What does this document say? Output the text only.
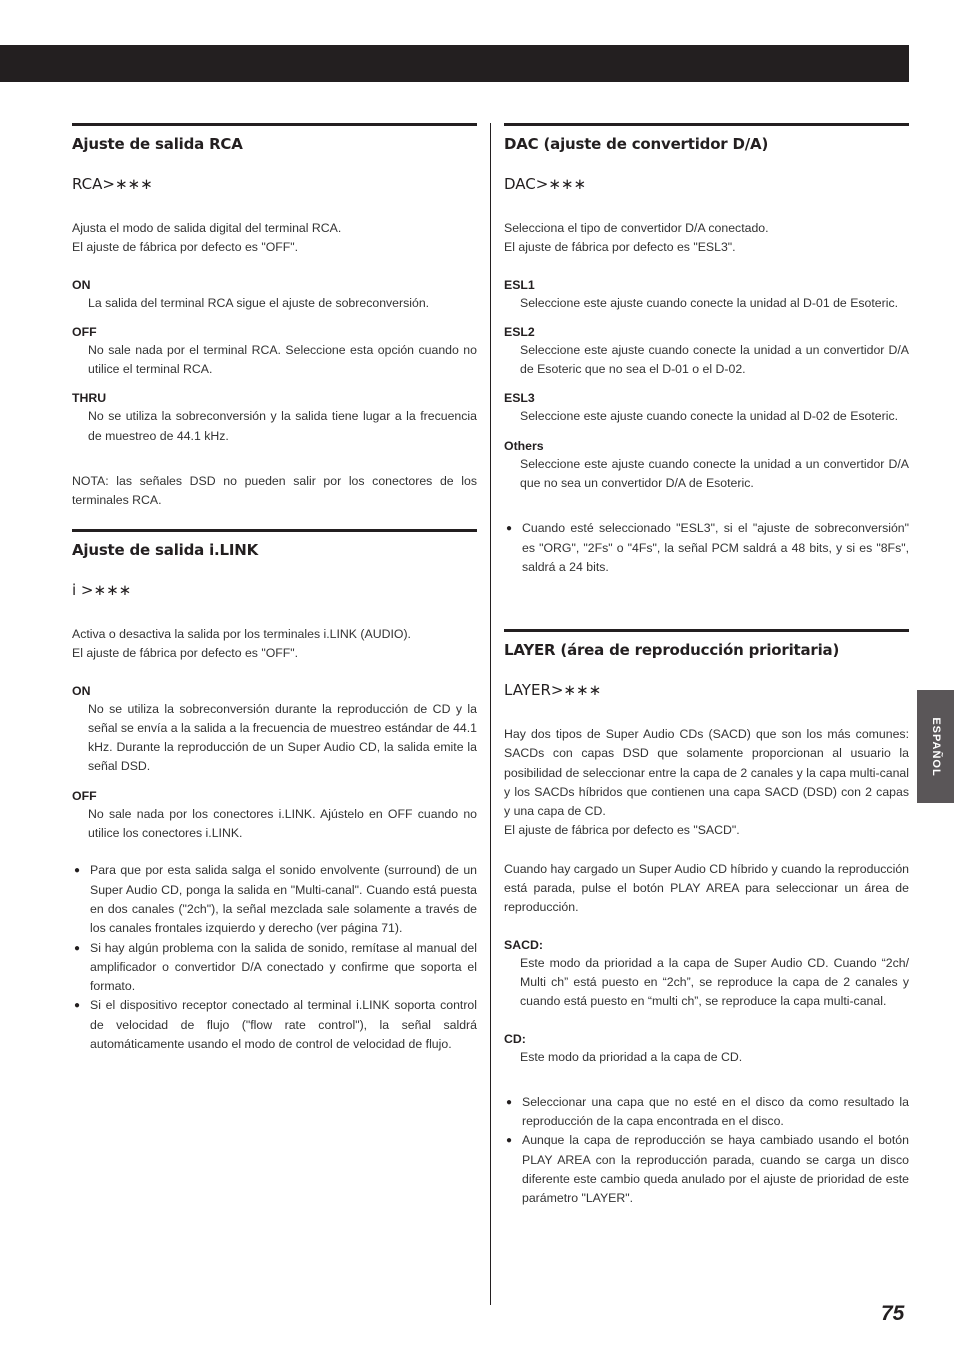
ESPAÑOL
Ajuste de salida RCA
RCA>∗∗∗

Ajusta el modo de salida digital del terminal RCA.

El ajuste de fábrica por defecto es "OFF".

ON
La salida del terminal RCA sigue el ajuste de sobreconversión.
OFF
No sale nada por el terminal RCA. Seleccione esta opción cuando no utilice el terminal RCA.
THRU
No se utiliza la sobreconversión y la salida tiene lugar a la frecuencia de muestreo de 44.1 kHz.

NOTA: las señales DSD no pueden salir por los conectores de los terminales RCA.

Ajuste de salida i.LINK
i >∗∗∗

Activa o desactiva la salida por los terminales i.LINK (AUDIO).

El ajuste de fábrica por defecto es "OFF".

ON
No se utiliza la sobreconversión durante la reproducción de CD y la señal se envía a la salida a la frecuencia de muestreo estándar de 44.1 kHz. Durante la reproducción de un Super Audio CD, la salida emite la señal DSD.
OFF
No sale nada por los conectores i.LINK. Ajústelo en OFF cuando no utilice los conectores i.LINK.
● Para que por esta salida salga el sonido envolvente (surround) de un Super Audio CD, ponga la salida en "Multi-canal". Cuando está puesta en dos canales ("2ch"), la señal mezclada sale solamente a través de los canales frontales izquierdo y derecho (ver página 71).
● Si hay algún problema con la salida de sonido, remítase al manual del amplificador o convertidor D/A conectado y confirme que soporta el formato.
● Si el dispositivo receptor conectado al terminal i.LINK soporta control de velocidad de flujo ("flow rate control"), la señal saldrá automáticamente usando el modo de control de velocidad de flujo.
DAC (ajuste de convertidor D/A)
DAC>∗∗∗

Selecciona el tipo de convertidor D/A conectado.

El ajuste de fábrica por defecto es "ESL3".

ESL1
Seleccione este ajuste cuando conecte la unidad al D-01 de Esoteric.
ESL2
Seleccione este ajuste cuando conecte la unidad a un convertidor D/A de Esoteric que no sea el D-01 o el D-02.
ESL3
Seleccione este ajuste cuando conecte la unidad al D-02 de Esoteric.
Others
Seleccione este ajuste cuando conecte la unidad a un convertidor D/A que no sea un convertidor D/A de Esoteric.
● Cuando esté seleccionado "ESL3", si el "ajuste de sobreconversión" es "ORG", "2Fs" o "4Fs", la señal PCM saldrá a 48 bits, y si es "8Fs", saldrá a 24 bits.
LAYER (área de reproducción prioritaria)
LAYER>∗∗∗

Hay dos tipos de Super Audio CDs (SACD) que son los más comunes: SACDs con capas DSD que solamente proporcionan al usuario la posibilidad de seleccionar entre la capa de 2 canales y la capa multi-canal y los SACDs híbridos que contienen una capa SACD (DSD) con 2 capas y una capa de CD.

El ajuste de fábrica por defecto es "SACD".

Cuando hay cargado un Super Audio CD híbrido y cuando la reproducción está parada, pulse el botón PLAY AREA para seleccionar un área de reproducción.

SACD:
Este modo da prioridad a la capa de Super Audio CD. Cuando “2ch/ Multi ch” está puesto en “2ch”, se reproduce la capa de 2 canales y cuando está puesto en “multi ch”, se reproduce la capa multi-canal.
CD:
Este modo da prioridad a la capa de CD.
● Seleccionar una capa que no esté en el disco da como resultado la reproducción de la capa encontrada en el disco.
● Aunque la capa de reproducción se haya cambiado usando el botón PLAY AREA con la reproducción parada, cuando se carga un disco diferente este cambio queda anulado por el ajuste de prioridad de este parámetro "LAYER".
75
